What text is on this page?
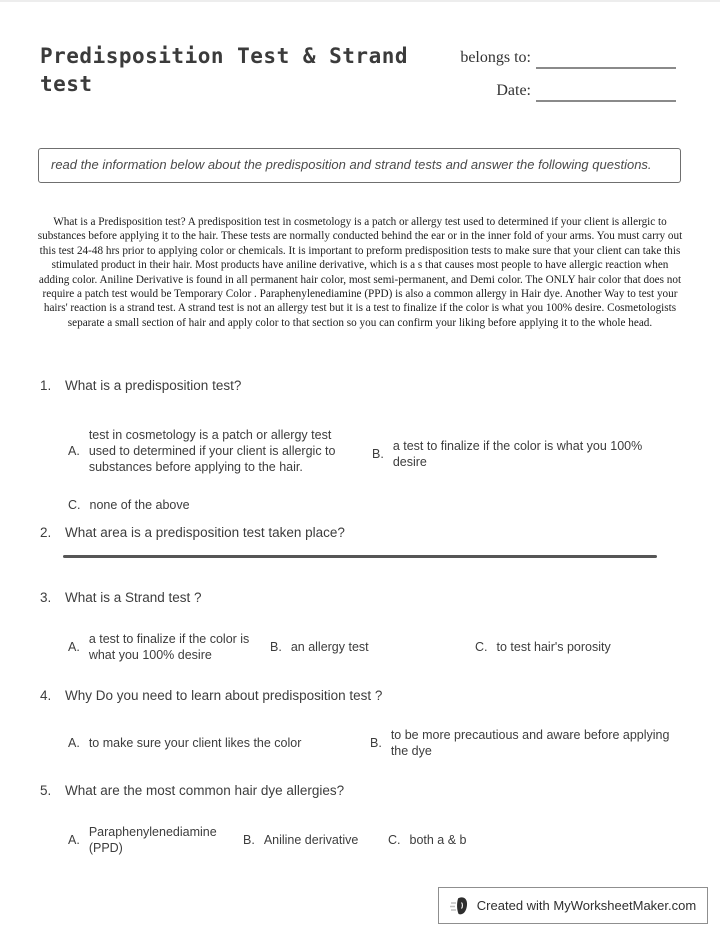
Predisposition Test & Strand test
belongs to:
Date:
read the information below about the predisposition and strand tests and answer the following questions.
What is a Predisposition test? A predisposition test in cosmetology is a patch or allergy test used to determined if your client is allergic to substances before applying it to the hair. These tests are normally conducted behind the ear or in the inner fold of your arms. You must carry out this test 24-48 hrs prior to applying color or chemicals. It is important to preform predisposition tests to make sure that your client can take this stimulated product in their hair. Most products have aniline derivative, which is a s that causes most people to have allergic reaction when adding color. Aniline Derivative is found in all permanent hair color, most semi-permanent, and Demi color. The ONLY hair color that does not require a patch test would be Temporary Color . Paraphenylenediamine (PPD) is also a common allergy in Hair dye. Another Way to test your hairs' reaction is a strand test. A strand test is not an allergy test but it is a test to finalize if the color is what you 100% desire. Cosmetologists separate a small section of hair and apply color to that section so you can confirm your liking before applying it to the whole head.
1.	What is a predisposition test?
A.
test in cosmetology is a patch or allergy test used to determined if your client is allergic to substances before applying to the hair.
B.
a test to finalize if the color is what you 100% desire
C. none of the above
2.	What area is a predisposition test taken place?
3.	What is a Strand test ?
A.
a test to finalize if the color is what you 100% desire
B. an allergy test	C. to test hair's porosity
4.	Why Do you need to learn about predisposition test ?
A. to make sure your client likes the color	B.
to be more precautious and aware before applying the dye
5.	What are the most common hair dye allergies?
A.
Paraphenylenediamine (PPD)
B. Aniline derivative C. both a & b
Created with MyWorksheetMaker.com
